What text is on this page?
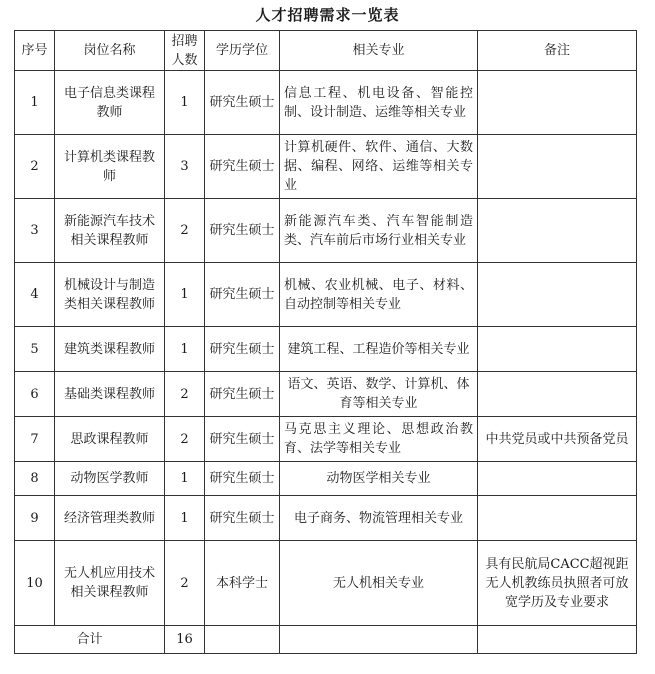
人才招聘需求一览表
序号	岗位名称	招聘人数	学历学位	相关专业	备注
1	电子信息类课程教师	1	研究生硕士	信息工程、机电设备、智能控制、设计制造、运维等相关专业	
2	计算机类课程教师	3	研究生硕士	计算机硬件、软件、通信、大数据、编程、网络、运维等相关专业	
3	新能源汽车技术相关课程教师	2	研究生硕士	新能源汽车类、汽车智能制造类、汽车前后市场行业相关专业	
4	机械设计与制造类相关课程教师	1	研究生硕士	机械、农业机械、电子、材料、自动控制等相关专业	
5	建筑类课程教师	1	研究生硕士	建筑工程、工程造价等相关专业	
6	基础类课程教师	2	研究生硕士	语文、英语、数学、计算机、体育等相关专业	
7	思政课程教师	2	研究生硕士	马克思主义理论、思想政治教育、法学等相关专业	中共党员或中共预备党员
8	动物医学教师	1	研究生硕士	动物医学相关专业	
9	经济管理类教师	1	研究生硕士	电子商务、物流管理相关专业	
10	无人机应用技术相关课程教师	2	本科学士	无人机相关专业	具有民航局CACC超视距无人机教练员执照者可放宽学历及专业要求
合计		16			
